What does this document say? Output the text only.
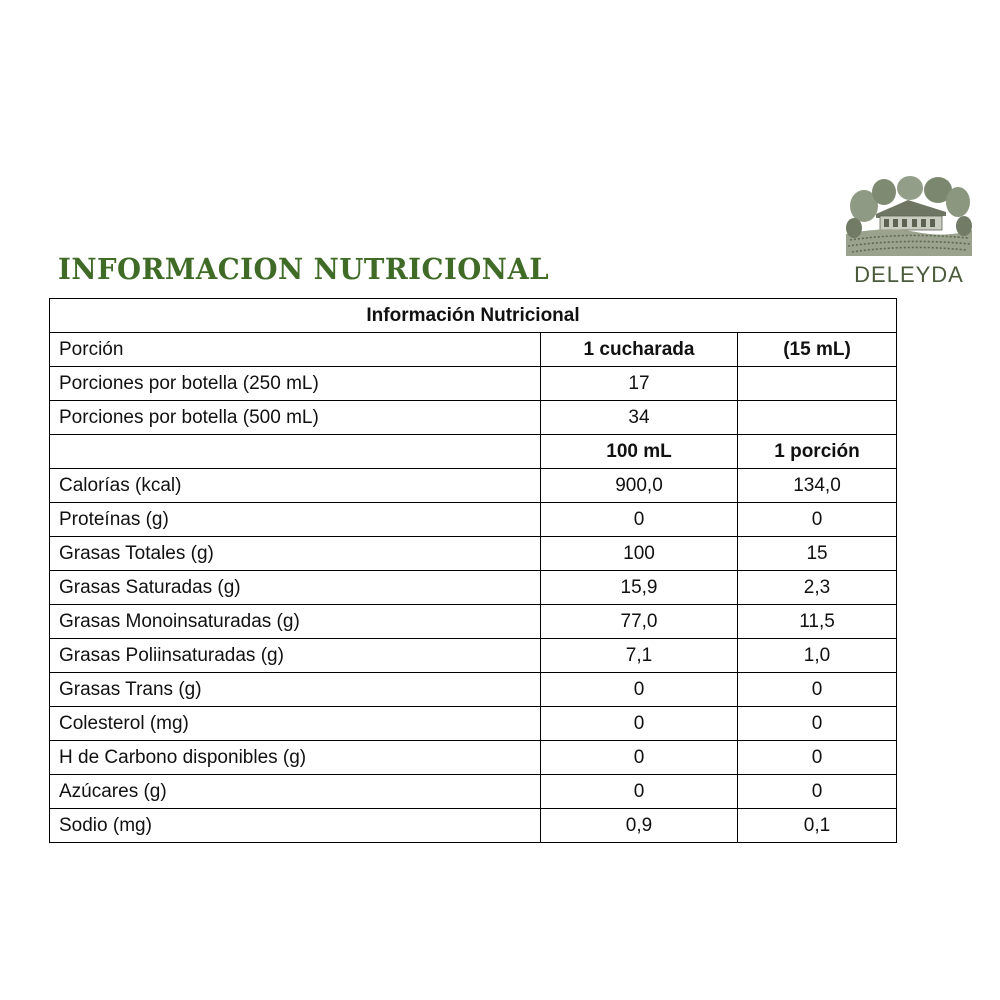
DELEYDA
INFORMACION NUTRICIONAL
Información Nutricional		
Porción	1 cucharada	(15 mL)
Porciones por botella (250 mL)	17	
Porciones por botella (500 mL)	34	
	100 mL	1 porción
Calorías (kcal)	900,0	134,0
Proteínas (g)	0	0
Grasas Totales (g)	100	15
Grasas Saturadas (g)	15,9	2,3
Grasas Monoinsaturadas (g)	77,0	11,5
Grasas Poliinsaturadas (g)	7,1	1,0
Grasas Trans (g)	0	0
Colesterol (mg)	0	0
H de Carbono disponibles (g)	0	0
Azúcares (g)	0	0
Sodio (mg)	0,9	0,1
